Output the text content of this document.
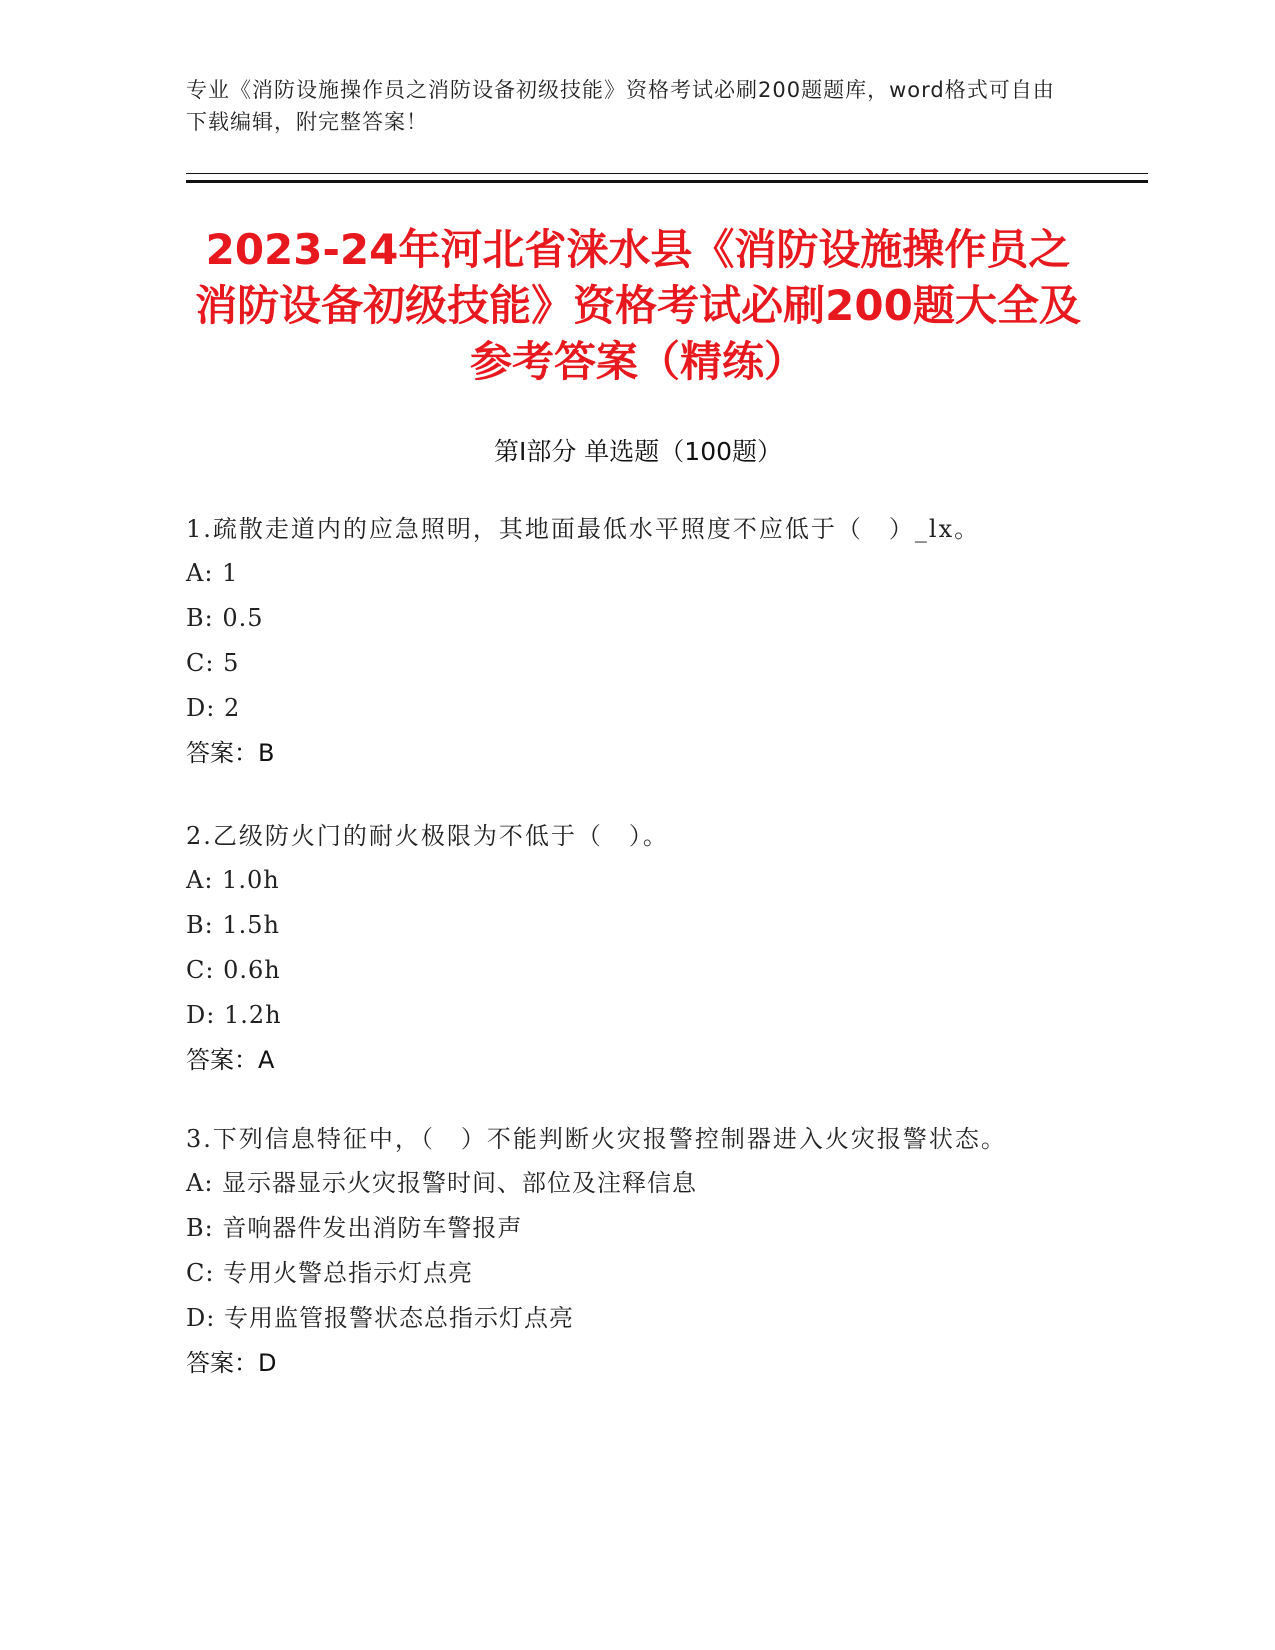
专业《消防设施操作员之消防设备初级技能》资格考试必刷200题题库，word格式可自由下载编辑，附完整答案！
2023-24年河北省涞水县《消防设施操作员之消防设备初级技能》资格考试必刷200题大全及参考答案（精练）
第Ⅰ部分 单选题（100题）
1.疏散走道内的应急照明，其地面最低水平照度不应低于（　）_lx。
A: 1
B: 0.5
C: 5
D: 2
答案：B
2.乙级防火门的耐火极限为不低于（　）。
A: 1.0h
B: 1.5h
C: 0.6h
D: 1.2h
答案：A
3.下列信息特征中，（　）不能判断火灾报警控制器进入火灾报警状态。
A: 显示器显示火灾报警时间、部位及注释信息
B: 音响器件发出消防车警报声
C: 专用火警总指示灯点亮
D: 专用监管报警状态总指示灯点亮
答案：D
